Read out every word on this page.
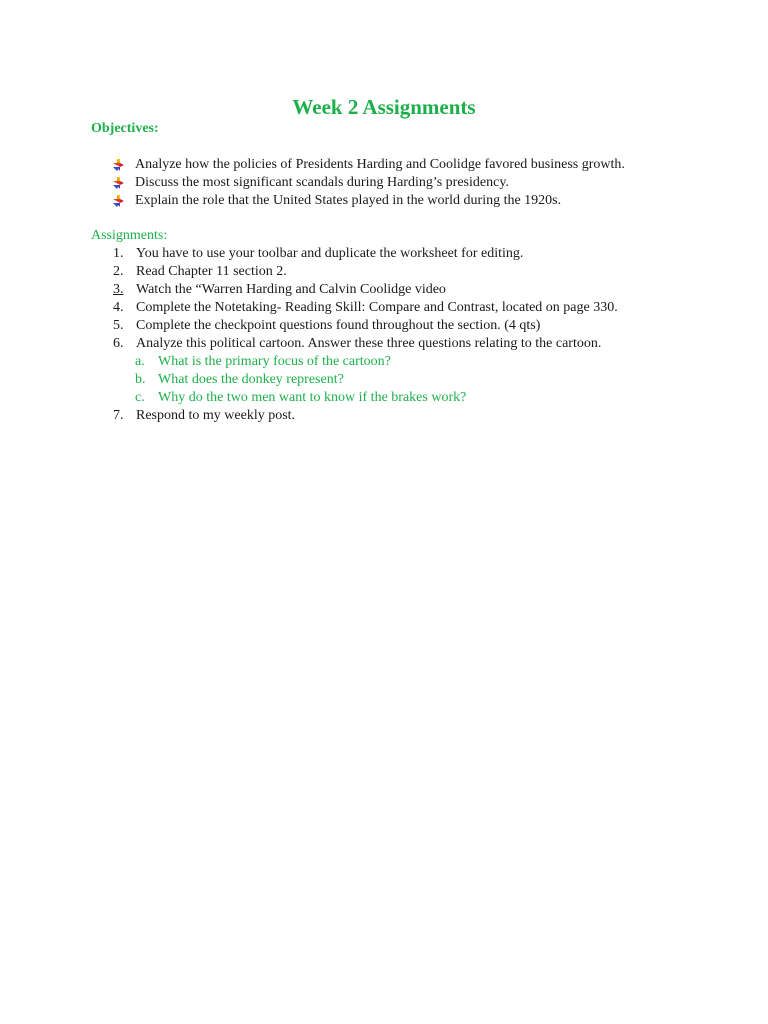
Week 2 Assignments
Objectives:
Analyze how the policies of Presidents Harding and Coolidge favored business growth.
Discuss the most significant scandals during Harding’s presidency.
Explain the role that the United States played in the world during the 1920s.
Assignments:
1. You have to use your toolbar and duplicate the worksheet for editing.
2. Read Chapter 11 section 2.
3. Watch the “Warren Harding and Calvin Coolidge video
4. Complete the Notetaking- Reading Skill: Compare and Contrast, located on page 330.
5. Complete the checkpoint questions found throughout the section. (4 qts)
6. Analyze this political cartoon. Answer these three questions relating to the cartoon.
a. What is the primary focus of the cartoon?
b. What does the donkey represent?
c. Why do the two men want to know if the brakes work?
7. Respond to my weekly post.
